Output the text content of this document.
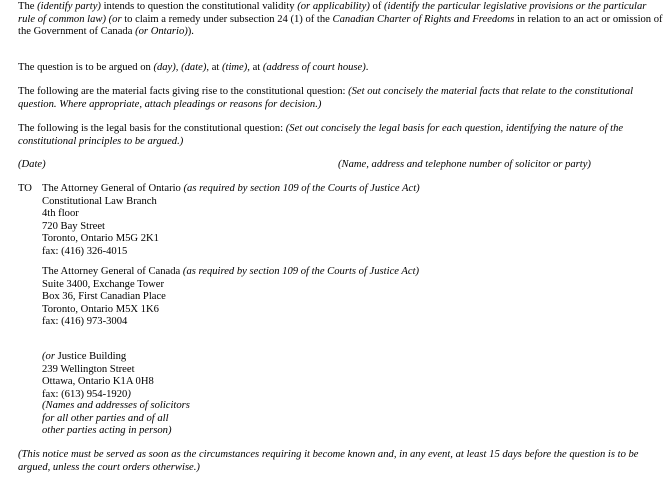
The (identify party) intends to question the constitutional validity (or applicability) of (identify the particular legislative provisions or the particular rule of common law) (or to claim a remedy under subsection 24 (1) of the Canadian Charter of Rights and Freedoms in relation to an act or omission of the Government of Canada (or Ontario)).

The question is to be argued on (day), (date), at (time), at (address of court house).

The following are the material facts giving rise to the constitutional question: (Set out concisely the material facts that relate to the constitutional question. Where appropriate, attach pleadings or reasons for decision.)

The following is the legal basis for the constitutional question: (Set out concisely the legal basis for each question, identifying the nature of the constitutional principles to be argued.)

(Date)	(Name, address and telephone number of solicitor or party)
TO The Attorney General of Ontario (as required by section 109 of the Courts of Justice Act)
Constitutional Law Branch
4th floor
720 Bay Street
Toronto, Ontario M5G 2K1
fax: (416) 326-4015
The Attorney General of Canada (as required by section 109 of the Courts of Justice Act)
Suite 3400, Exchange Tower
Box 36, First Canadian Place
Toronto, Ontario M5X 1K6
fax: (416) 973-3004
(or Justice Building
239 Wellington Street
Ottawa, Ontario K1A 0H8
fax: (613) 954-1920)
(Names and addresses of solicitors
for all other parties and of all
other parties acting in person)

(This notice must be served as soon as the circumstances requiring it become known and, in any event, at least 15 days before the question is to be argued, unless the court orders otherwise.)
